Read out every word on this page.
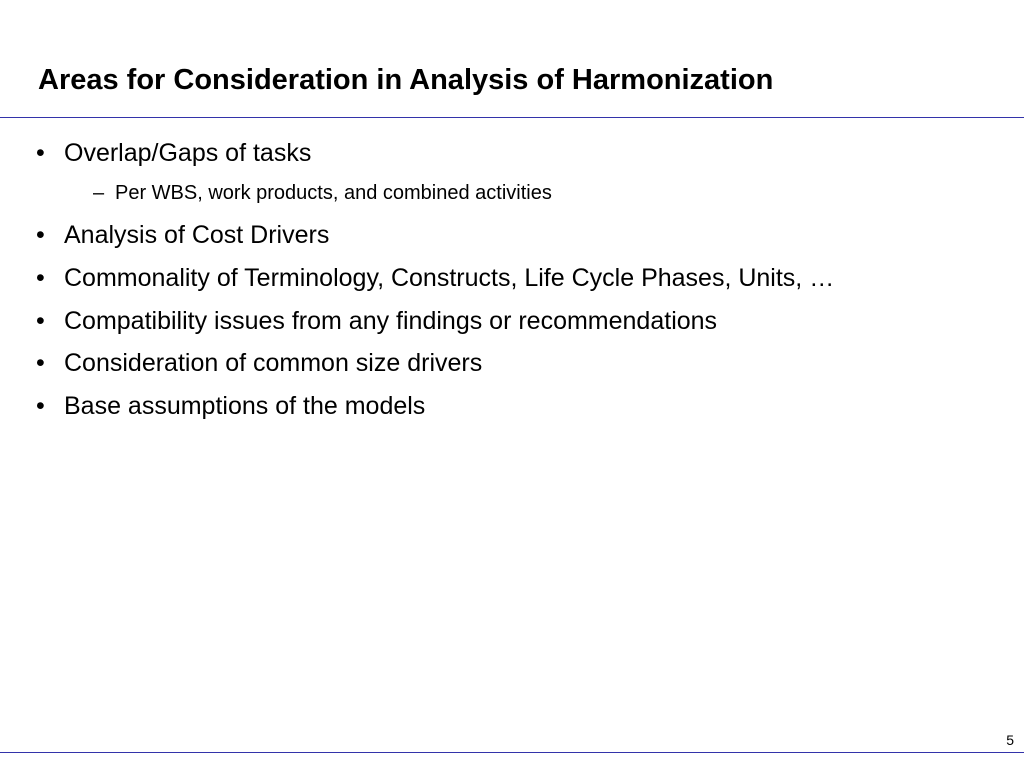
Areas for Consideration in Analysis of Harmonization
• Overlap/Gaps of tasks
– Per WBS, work products, and combined activities
• Analysis of Cost Drivers
• Commonality of Terminology, Constructs, Life Cycle Phases, Units, …
• Compatibility issues from any findings or recommendations
• Consideration of common size drivers
• Base assumptions of the models
5
